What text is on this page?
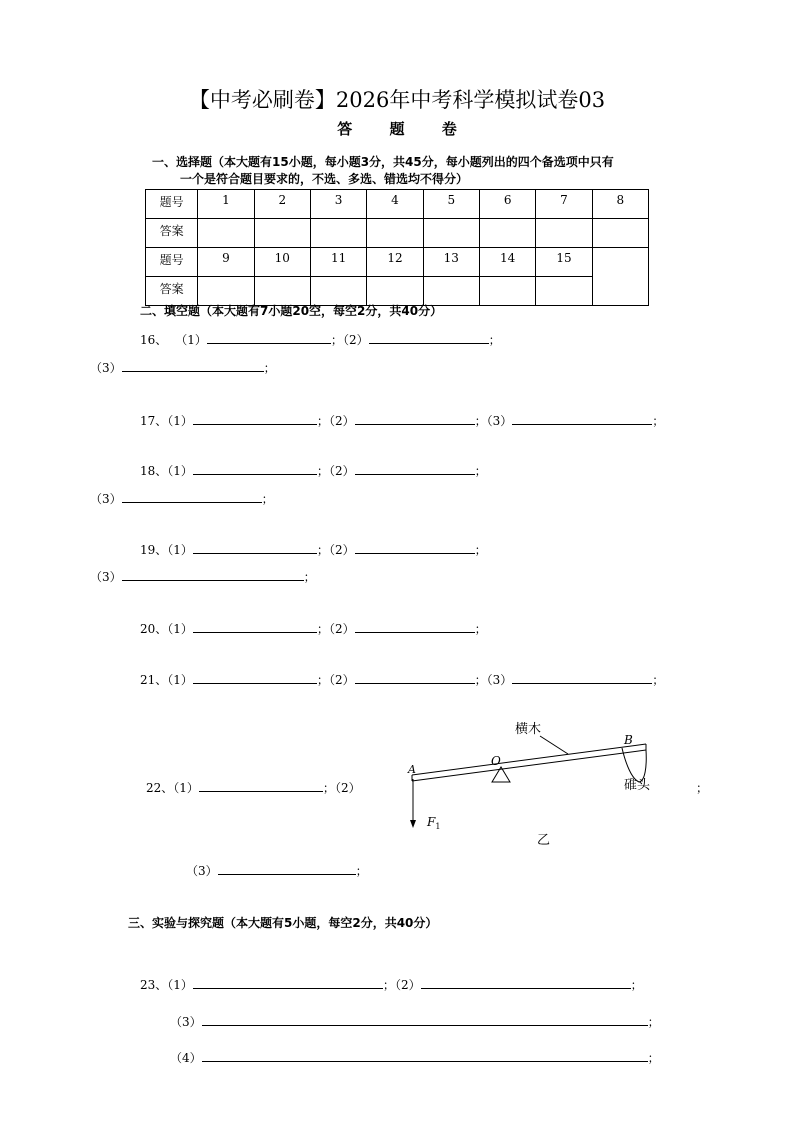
【中考必刷卷】2026年中考科学模拟试卷03
答 题 卷
一、选择题（本大题有15小题，每小题3分，共45分，每小题列出的四个备选项中只有
一个是符合题目要求的，不选、多选、错选均不得分）
题号	1	2	3	4	5	6	7	8
答案								
题号	9	10	11	12	13	14	15	
答案								
二、填空题（本大题有7小题20空，每空2分，共40分）
16、 （1）	；（2）	；
（3）	；
17、（1）	；（2）	；（3）	；
18、（1）	；（2）	；
（3）	；
19、（1）	；（2）	；
（3）	；
20、（1）	；（2）	；
21、（1）	；（2）	；（3）	；
22、（1）	；（2）	；
横木
A
O
B
碓头
$F_1$
乙
（3）	；
三、实验与探究题（本大题有5小题，每空2分，共40分）
23、（1）	；（2）	；
（3）	；
（4）	；
